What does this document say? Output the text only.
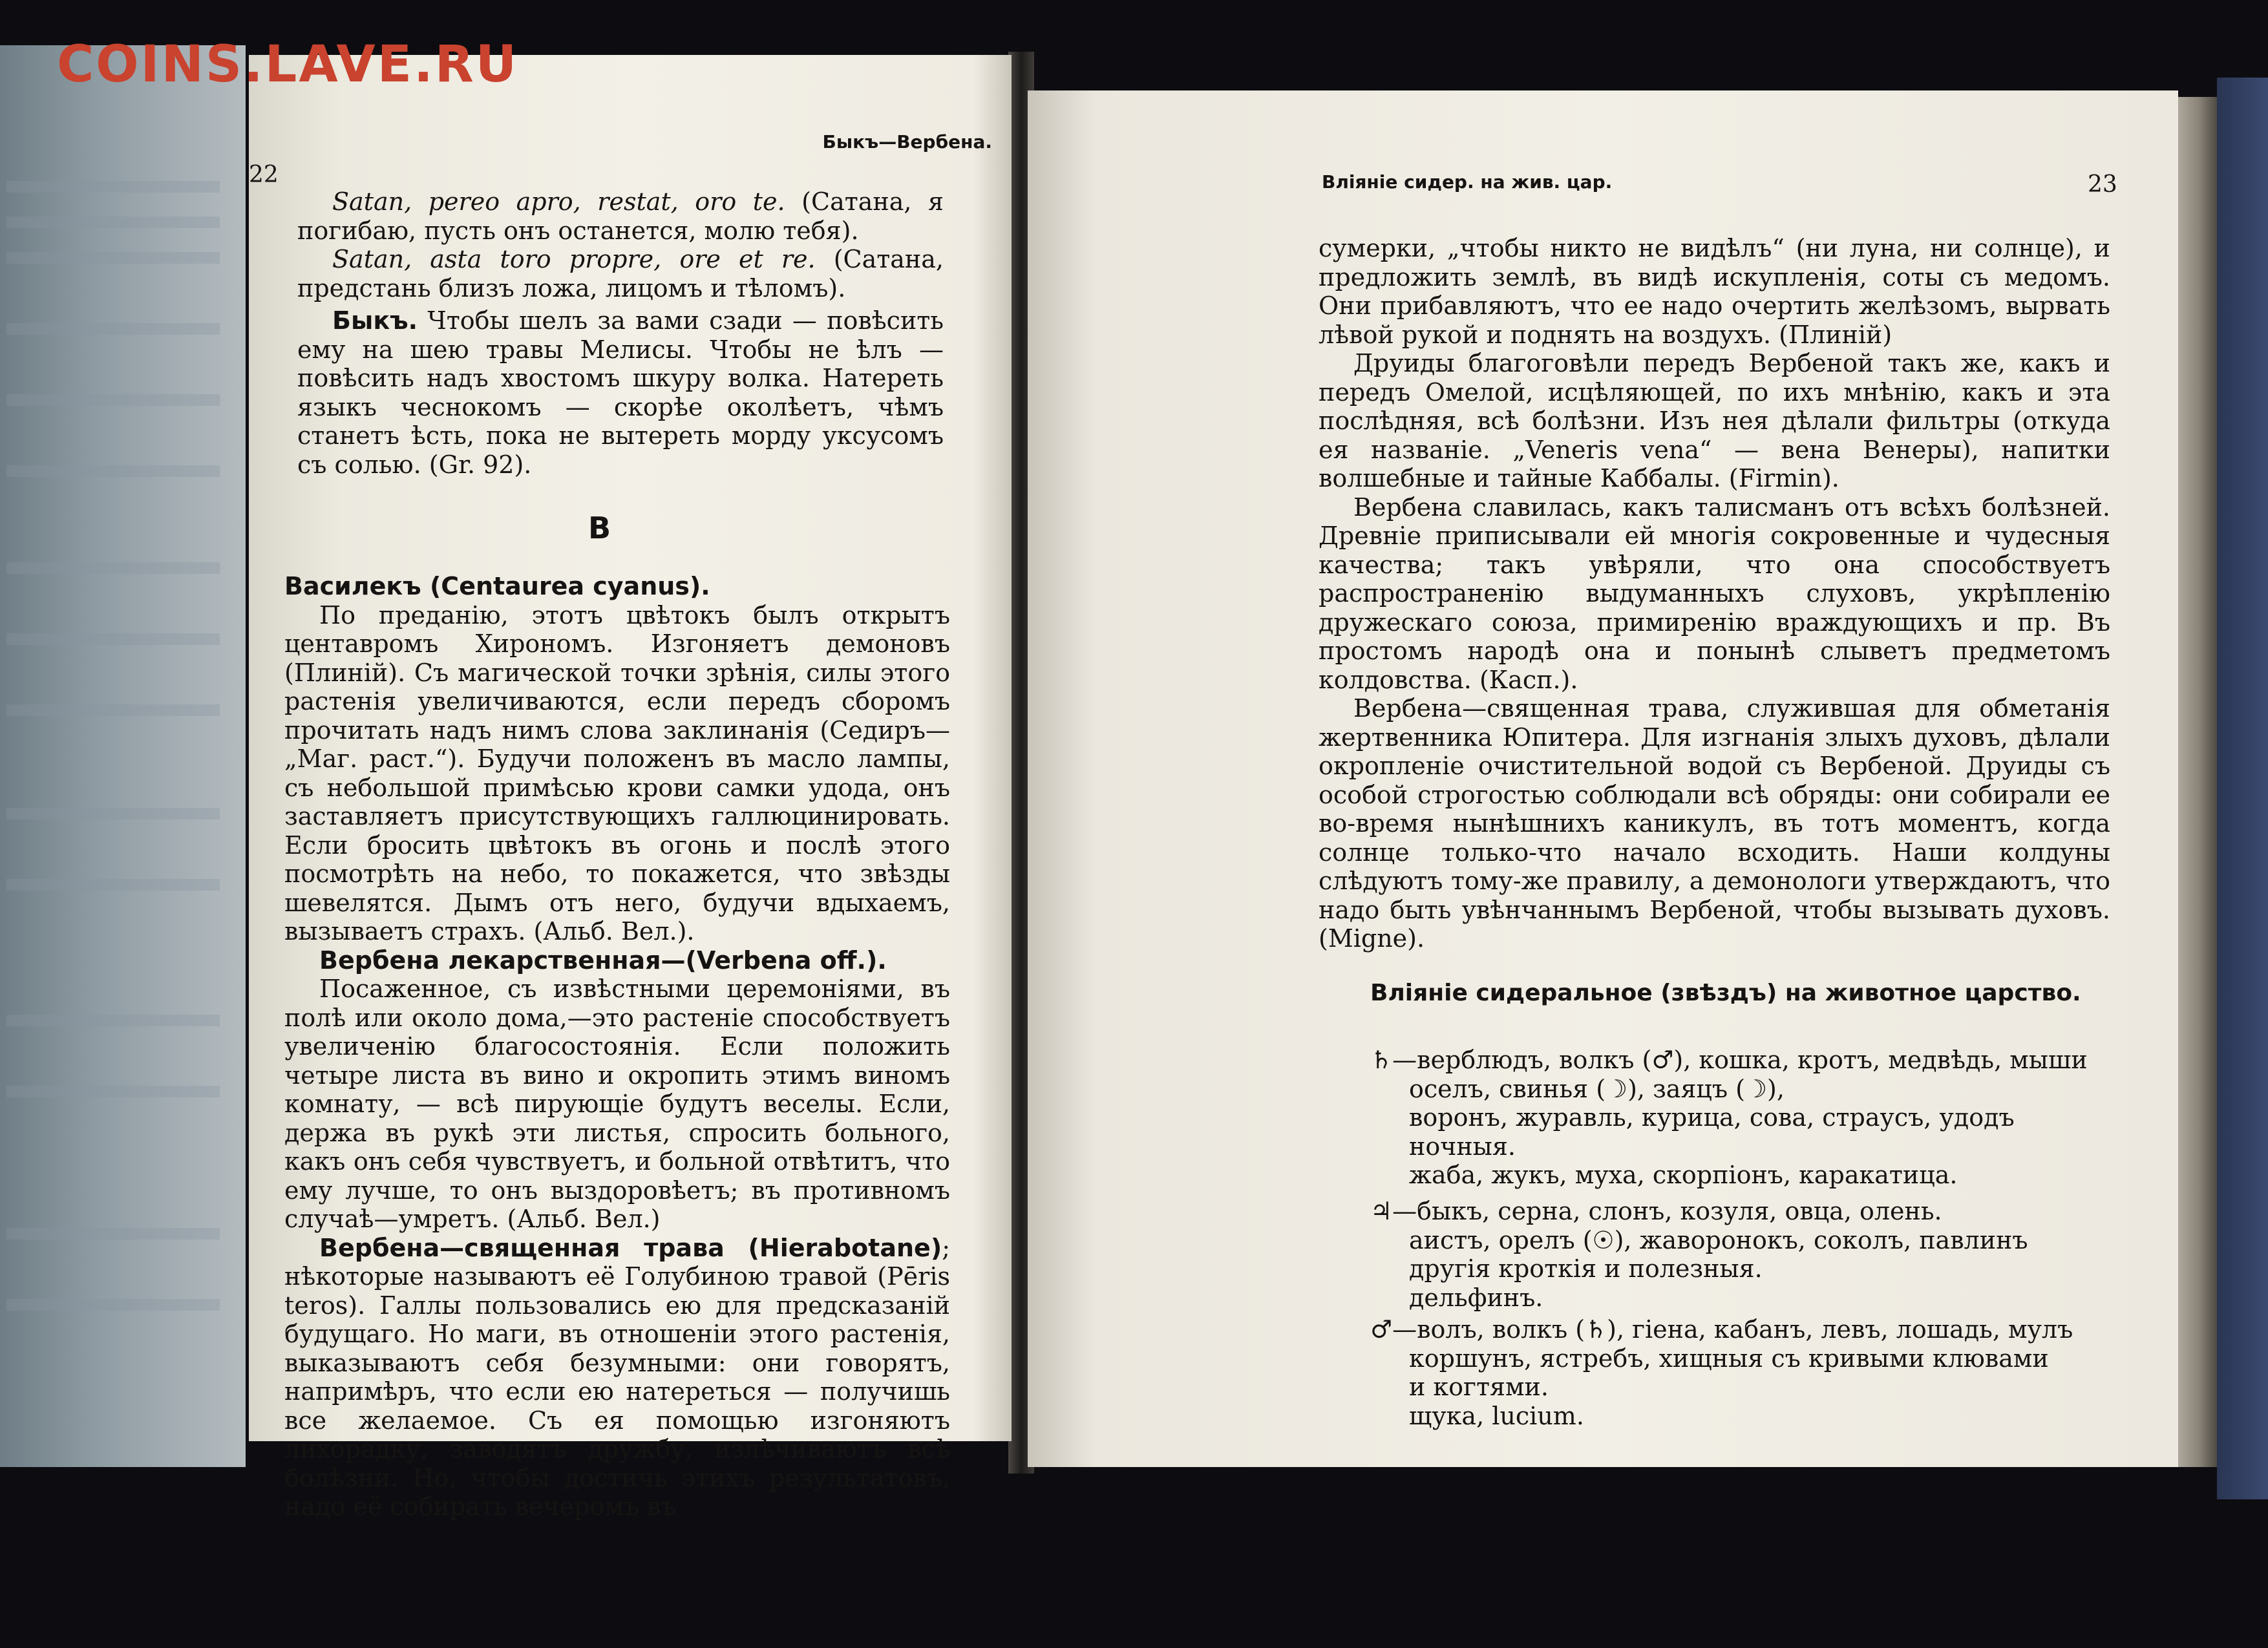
COINS.LAVE.RU
22
Быкъ—Вербена.

Satan, pereo apro, restat, oro te. (Сатана, я погибаю, пусть онъ останется, молю тебя).

Satan, asta toro propre, ore et re. (Сатана, предстань близъ ложа, лицомъ и тѣломъ).

Быкъ. Чтобы шелъ за вами сзади — повѣсить ему на шею травы Мелисы. Чтобы не ѣлъ — повѣсить надъ хвостомъ шкуру волка. Натереть языкъ чеснокомъ — скорѣе околѣетъ, чѣмъ станетъ ѣсть, пока не вытереть морду уксусомъ съ солью. (Gr. 92).

В

Василекъ (Centaurea cyanus).

По преданію, этотъ цвѣтокъ былъ открытъ центавромъ Хирономъ. Изгоняетъ демоновъ (Плиній). Съ магической точки зрѣнія, силы этого растенія увеличиваются, если передъ сборомъ прочитать надъ нимъ слова заклинанія (Седиръ—„Маг. раст.“). Будучи положенъ въ масло лампы, съ небольшой примѣсью крови самки удода, онъ заставляетъ присутствующихъ галлюцинировать. Если бросить цвѣтокъ въ огонь и послѣ этого посмотрѣть на небо, то покажется, что звѣзды шевелятся. Дымъ отъ него, будучи вдыхаемъ, вызываетъ страхъ. (Альб. Вел.).

Вербена лекарственная—(Verbena off.).

Посаженное, съ извѣстными церемоніями, въ полѣ или около дома,—это растеніе способствуетъ увеличенію благосостоянія. Если положить четыре листа въ вино и окропить этимъ виномъ комнату, — всѣ пирующіе будутъ веселы. Если, держа въ рукѣ эти листья, спросить больного, какъ онъ себя чувствуетъ, и больной отвѣтитъ, что ему лучше, то онъ выздоровѣетъ; въ противномъ случаѣ—умретъ. (Альб. Вел.)

Вербена—священная трава (Hierabotane); нѣкоторые называютъ её Голубиною травой (Pēris teros). Галлы пользовались ею для предсказаній будущаго. Но маги, въ отношеніи этого растенія, выказываютъ себя безумными: они говорятъ, напримѣръ, что если ею натереться — получишь все желаемое. Съ ея помощью изгоняютъ лихорадку, заводятъ дружбу, излѣчиваютъ всѣ болѣзни. Но, чтобы достичь этихъ результатовъ, надо её собирать вечеромъ въ

Вліяніе сидер. на жив. цар.	23

сумерки, „чтобы никто не видѣлъ“ (ни луна, ни солнце), и предложить землѣ, въ видѣ искупленія, соты съ медомъ. Они прибавляютъ, что ее надо очертить желѣзомъ, вырвать лѣвой рукой и поднять на воздухъ. (Плиній)

Друиды благоговѣли передъ Вербеной такъ же, какъ и передъ Омелой, исцѣляющей, по ихъ мнѣнію, какъ и эта послѣдняя, всѣ болѣзни. Изъ нея дѣлали фильтры (откуда ея названіе. „Veneris vena“ — вена Венеры), напитки волшебные и тайные Каббалы. (Firmin).

Вербена славилась, какъ талисманъ отъ всѣхъ болѣзней. Древніе приписывали ей многія сокровенные и чудесныя качества; такъ увѣряли, что она способствуетъ распространенію выдуманныхъ слуховъ, укрѣпленію дружескаго союза, примиренію враждующихъ и пр. Въ простомъ народѣ она и понынѣ слыветъ предметомъ колдовства. (Касп.).

Вербена—священная трава, служившая для обметанія жертвенника Юпитера. Для изгнанія злыхъ духовъ, дѣлали окропленіе очистительной водой съ Вербеной. Друиды съ особой строгостью соблюдали всѣ обряды: они собирали ее во-время нынѣшнихъ каникулъ, въ тотъ моментъ, когда солнце только-что начало всходить. Наши колдуны слѣдуютъ тому-же правилу, а демонологи утверждаютъ, что надо быть увѣнчаннымъ Вербеной, чтобы вызывать духовъ. (Migne).

Вліяніе сидеральное (звѣздъ) на животное царство.
♄—верблюдъ, волкъ (♂), кошка, кротъ, медвѣдь, мыши
оселъ, свинья (☽), заяцъ (☽),
воронъ, журавль, курица, сова, страусъ, удодъ
ночныя.
жаба, жукъ, муха, скорпіонъ, каракатица.
♃—быкъ, серна, слонъ, козуля, овца, олень.
аистъ, орелъ (☉), жаворонокъ, соколъ, павлинъ
другія кроткія и полезныя.
дельфинъ.
♂—волъ, волкъ (♄), гіена, кабанъ, левъ, лошадь, мулъ
коршунъ, ястребъ, хищныя съ кривыми клювами
и когтями.
щука, lucium.
